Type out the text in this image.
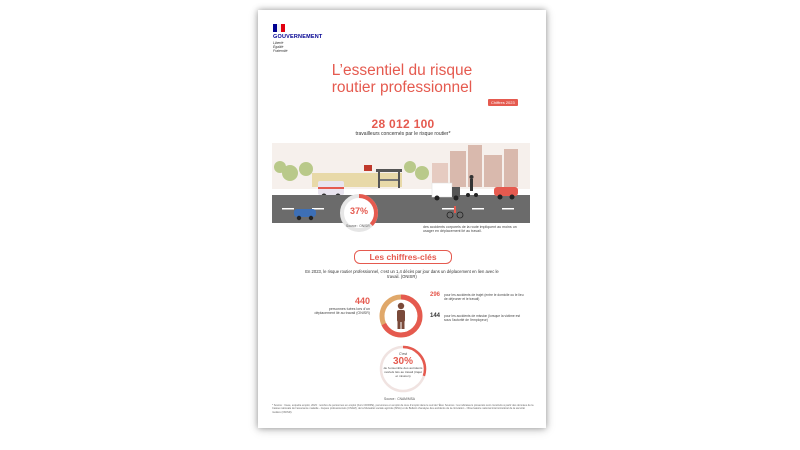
GOUVERNEMENT
Liberté
Égalité
Fraternité
L’essentiel du risque
routier professionnel
Chiffres 2023
28 012 100
travailleurs concernés par le risque routier*
37%
Source : ONISR	des accidents corporels de la route impliquent au moins un usager en déplacement lié au travail.
Les chiffres-clés
En 2023, le risque routier professionnel, c’est un 1,4 décès par jour dans un déplacement en lien avec le travail. (ONISR)
440
personnes tuées lors d’un déplacement lié au travail (ONISR)
296 pour les accidents de trajet (entre le domicile ou le lieu de déjeuner et le travail)
144 pour les accidents de mission (lorsque la victime est sous l’autorité de l’employeur)
C’est
30%
de l’ensemble des accidents mortels liés au travail (trajet et mission)
Source : CNAM/MSA
* Source : Insee, enquête emploi, 2023 : nombre de personnes en emploi (hors CDIRPE), personnes en emploi de tous d’emploi dans le sud de l’État. Sources : les indicateurs présentés sont construits à partir des données de la Caisse nationale de l’assurance maladie - risques professionnels (CNAM), de la Mutualité sociale agricole (MSA) et du Bulletin d’analyse des accidents de la circulation - Observatoire national interministériel de la sécurité routière (ONISR).
